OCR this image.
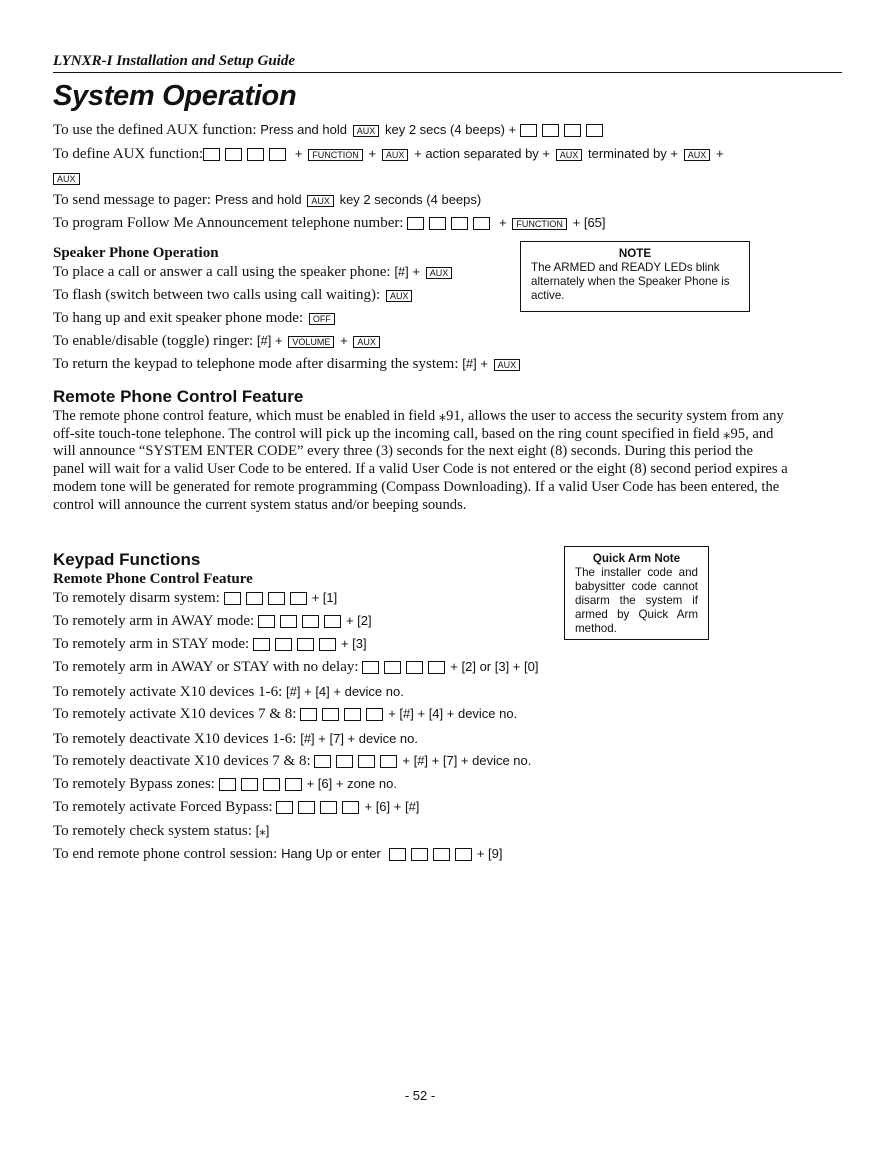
LYNXR-I Installation and Setup Guide
System Operation
To use the defined AUX function: Press and hold AUX key 2 secs (4 beeps) +
To define AUX function:	+ FUNCTION + AUX + action separated by + AUX terminated by + AUX +
AUX
To send message to pager: Press and hold AUX key 2 seconds (4 beeps)
To program Follow Me Announcement telephone number:	+ FUNCTION + [65]
Speaker Phone Operation	NOTE
The ARMED and READY LEDs blink alternately when the Speaker Phone is active.
To place a call or answer a call using the speaker phone: [#] + AUX
To flash (switch between two calls using call waiting): AUX
To hang up and exit speaker phone mode: OFF
To enable/disable (toggle) ringer: [#] + VOLUME + AUX
To return the keypad to telephone mode after disarming the system: [#] + AUX
Remote Phone Control Feature
The remote phone control feature, which must be enabled in field ⁎91, allows the user to access the security system from any off-site touch-tone telephone. The control will pick up the incoming call, based on the ring count specified in field ⁎95, and will announce “SYSTEM ENTER CODE” every three (3) seconds for the next eight (8) seconds. During this period the panel will wait for a valid User Code to be entered. If a valid User Code is not entered or the eight (8) second period expires a modem tone will be generated for remote programming (Compass Downloading). If a valid User Code has been entered, the control will announce the current system status and/or beeping sounds.
Keypad Functions
Remote Phone Control Feature
Quick Arm Note
The installer code and babysitter code cannot disarm the system if armed by Quick Arm method.
To remotely disarm system:	+ [1]
To remotely arm in AWAY mode:	+ [2]
To remotely arm in STAY mode:	+ [3]
To remotely arm in AWAY or STAY with no delay:	+ [2] or [3] + [0]
To remotely activate X10 devices 1-6: [#] + [4] + device no.
To remotely activate X10 devices 7 & 8:	+ [#] + [4] + device no.
To remotely deactivate X10 devices 1-6: [#] + [7] + device no.
To remotely deactivate X10 devices 7 & 8:	+ [#] + [7] + device no.
To remotely Bypass zones:	+ [6] + zone no.
To remotely activate Forced Bypass:	+ [6] + [#]
To remotely check system status: [⁎]
To end remote phone control session: Hang Up or enter	+ [9]
- 52 -
